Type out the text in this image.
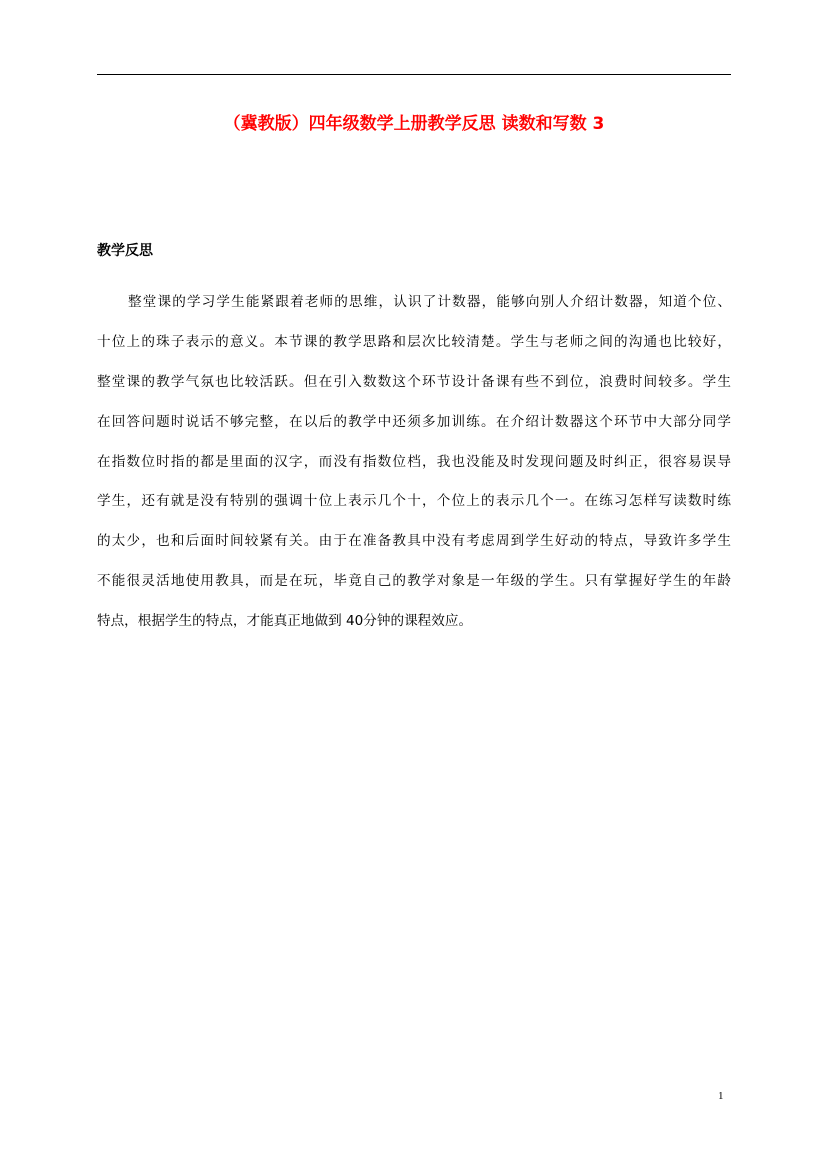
（冀教版）四年级数学上册教学反思 读数和写数 3
教学反思
整堂课的学习学生能紧跟着老师的思维，认识了计数器，能够向别人介绍计数器，知道个位、
十位上的珠子表示的意义。本节课的教学思路和层次比较清楚。学生与老师之间的沟通也比较好，
整堂课的教学气氛也比较活跃。但在引入数数这个环节设计备课有些不到位，浪费时间较多。学生
在回答问题时说话不够完整，在以后的教学中还须多加训练。在介绍计数器这个环节中大部分同学
在指数位时指的都是里面的汉字，而没有指数位档，我也没能及时发现问题及时纠正，很容易误导
学生，还有就是没有特别的强调十位上表示几个十，个位上的表示几个一。在练习怎样写读数时练
的太少，也和后面时间较紧有关。由于在准备教具中没有考虑周到学生好动的特点，导致许多学生
不能很灵活地使用教具，而是在玩，毕竟自己的教学对象是一年级的学生。只有掌握好学生的年龄
特点，根据学生的特点，才能真正地做到 40分钟的课程效应。
1
